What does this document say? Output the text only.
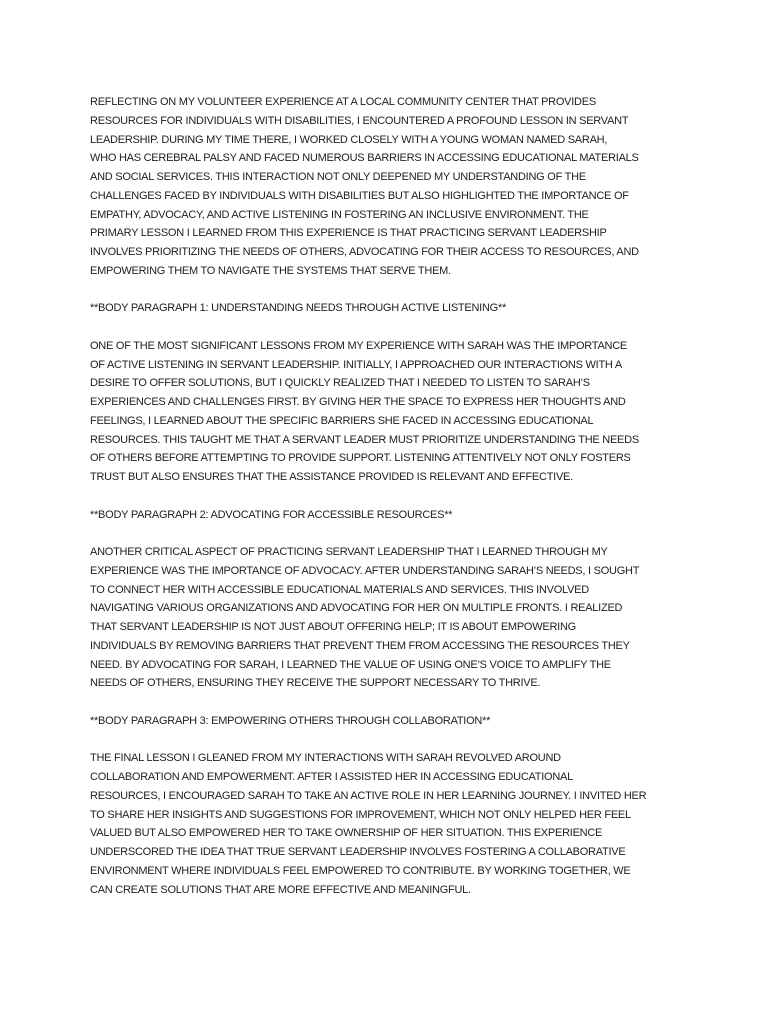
REFLECTING ON MY VOLUNTEER EXPERIENCE AT A LOCAL COMMUNITY CENTER THAT PROVIDES
RESOURCES FOR INDIVIDUALS WITH DISABILITIES, I ENCOUNTERED A PROFOUND LESSON IN SERVANT
LEADERSHIP. DURING MY TIME THERE, I WORKED CLOSELY WITH A YOUNG WOMAN NAMED SARAH,
WHO HAS CEREBRAL PALSY AND FACED NUMEROUS BARRIERS IN ACCESSING EDUCATIONAL MATERIALS
AND SOCIAL SERVICES. THIS INTERACTION NOT ONLY DEEPENED MY UNDERSTANDING OF THE
CHALLENGES FACED BY INDIVIDUALS WITH DISABILITIES BUT ALSO HIGHLIGHTED THE IMPORTANCE OF
EMPATHY, ADVOCACY, AND ACTIVE LISTENING IN FOSTERING AN INCLUSIVE ENVIRONMENT. THE
PRIMARY LESSON I LEARNED FROM THIS EXPERIENCE IS THAT PRACTICING SERVANT LEADERSHIP
INVOLVES PRIORITIZING THE NEEDS OF OTHERS, ADVOCATING FOR THEIR ACCESS TO RESOURCES, AND
EMPOWERING THEM TO NAVIGATE THE SYSTEMS THAT SERVE THEM.
**BODY PARAGRAPH 1: UNDERSTANDING NEEDS THROUGH ACTIVE LISTENING**
ONE OF THE MOST SIGNIFICANT LESSONS FROM MY EXPERIENCE WITH SARAH WAS THE IMPORTANCE
OF ACTIVE LISTENING IN SERVANT LEADERSHIP. INITIALLY, I APPROACHED OUR INTERACTIONS WITH A
DESIRE TO OFFER SOLUTIONS, BUT I QUICKLY REALIZED THAT I NEEDED TO LISTEN TO SARAH’S
EXPERIENCES AND CHALLENGES FIRST. BY GIVING HER THE SPACE TO EXPRESS HER THOUGHTS AND
FEELINGS, I LEARNED ABOUT THE SPECIFIC BARRIERS SHE FACED IN ACCESSING EDUCATIONAL
RESOURCES. THIS TAUGHT ME THAT A SERVANT LEADER MUST PRIORITIZE UNDERSTANDING THE NEEDS
OF OTHERS BEFORE ATTEMPTING TO PROVIDE SUPPORT. LISTENING ATTENTIVELY NOT ONLY FOSTERS
TRUST BUT ALSO ENSURES THAT THE ASSISTANCE PROVIDED IS RELEVANT AND EFFECTIVE.
**BODY PARAGRAPH 2: ADVOCATING FOR ACCESSIBLE RESOURCES**
ANOTHER CRITICAL ASPECT OF PRACTICING SERVANT LEADERSHIP THAT I LEARNED THROUGH MY
EXPERIENCE WAS THE IMPORTANCE OF ADVOCACY. AFTER UNDERSTANDING SARAH’S NEEDS, I SOUGHT
TO CONNECT HER WITH ACCESSIBLE EDUCATIONAL MATERIALS AND SERVICES. THIS INVOLVED
NAVIGATING VARIOUS ORGANIZATIONS AND ADVOCATING FOR HER ON MULTIPLE FRONTS. I REALIZED
THAT SERVANT LEADERSHIP IS NOT JUST ABOUT OFFERING HELP; IT IS ABOUT EMPOWERING
INDIVIDUALS BY REMOVING BARRIERS THAT PREVENT THEM FROM ACCESSING THE RESOURCES THEY
NEED. BY ADVOCATING FOR SARAH, I LEARNED THE VALUE OF USING ONE’S VOICE TO AMPLIFY THE
NEEDS OF OTHERS, ENSURING THEY RECEIVE THE SUPPORT NECESSARY TO THRIVE.
**BODY PARAGRAPH 3: EMPOWERING OTHERS THROUGH COLLABORATION**
THE FINAL LESSON I GLEANED FROM MY INTERACTIONS WITH SARAH REVOLVED AROUND
COLLABORATION AND EMPOWERMENT. AFTER I ASSISTED HER IN ACCESSING EDUCATIONAL
RESOURCES, I ENCOURAGED SARAH TO TAKE AN ACTIVE ROLE IN HER LEARNING JOURNEY. I INVITED HER
TO SHARE HER INSIGHTS AND SUGGESTIONS FOR IMPROVEMENT, WHICH NOT ONLY HELPED HER FEEL
VALUED BUT ALSO EMPOWERED HER TO TAKE OWNERSHIP OF HER SITUATION. THIS EXPERIENCE
UNDERSCORED THE IDEA THAT TRUE SERVANT LEADERSHIP INVOLVES FOSTERING A COLLABORATIVE
ENVIRONMENT WHERE INDIVIDUALS FEEL EMPOWERED TO CONTRIBUTE. BY WORKING TOGETHER, WE
CAN CREATE SOLUTIONS THAT ARE MORE EFFECTIVE AND MEANINGFUL.
